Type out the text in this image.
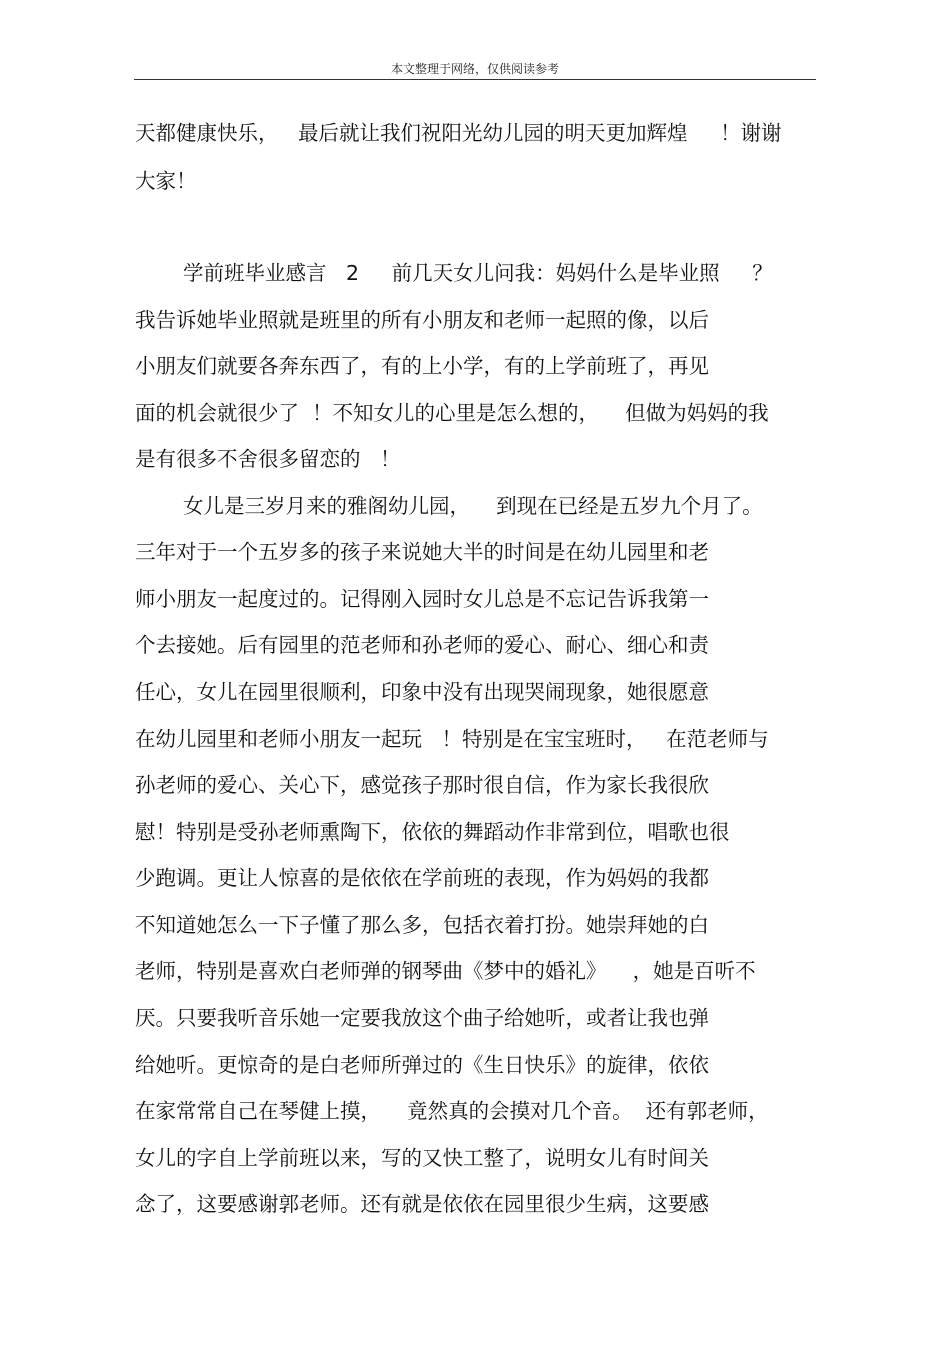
本文整理于网络，仅供阅读参考
天都健康快乐，   最后就让我们祝阳光幼儿园的明天更加辉煌     ！谢谢
大家！
学前班毕业感言   2     前几天女儿问我：妈妈什么是毕业照     ？
我告诉她毕业照就是班里的所有小朋友和老师一起照的像，以后
小朋友们就要各奔东西了，有的上小学，有的上学前班了，再见
面的机会就很少了  ！不知女儿的心里是怎么想的，    但做为妈妈的我
是有很多不舍很多留恋的   ！
女儿是三岁月来的雅阁幼儿园，    到现在已经是五岁九个月了。
三年对于一个五岁多的孩子来说她大半的时间是在幼儿园里和老
师小朋友一起度过的。记得刚入园时女儿总是不忘记告诉我第一
个去接她。后有园里的范老师和孙老师的爱心、耐心、细心和责
任心，女儿在园里很顺利，印象中没有出现哭闹现象，她很愿意
在幼儿园里和老师小朋友一起玩   ！特别是在宝宝班时，   在范老师与
孙老师的爱心、关心下，感觉孩子那时很自信，作为家长我很欣
慰！特别是受孙老师熏陶下，依依的舞蹈动作非常到位，唱歌也很
少跑调。更让人惊喜的是依依在学前班的表现，作为妈妈的我都
不知道她怎么一下子懂了那么多，包括衣着打扮。她崇拜她的白
老师，特别是喜欢白老师弹的钢琴曲《梦中的婚礼》    ，她是百听不
厌。只要我听音乐她一定要我放这个曲子给她听，或者让我也弹
给她听。更惊奇的是白老师所弹过的《生日快乐》的旋律，依依
在家常常自己在琴健上摸，    竟然真的会摸对几个音。  还有郭老师，
女儿的字自上学前班以来，写的又快工整了，说明女儿有时间关
念了，这要感谢郭老师。还有就是依依在园里很少生病，这要感
